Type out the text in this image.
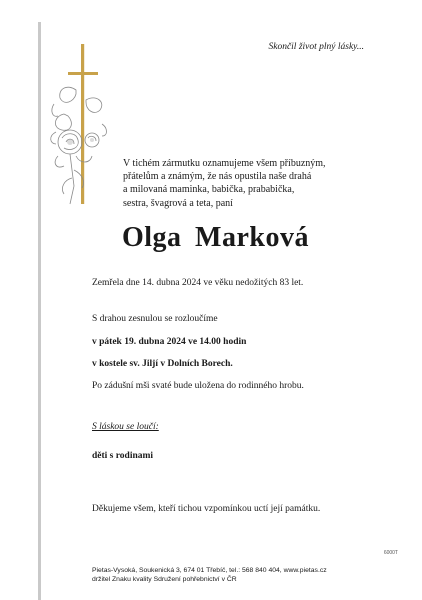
Skončil život plný lásky...
V tichém zármutku oznamujeme všem příbuzným,
přátelům a známým, že nás opustila naše drahá
a milovaná maminka, babička, prababička,
sestra, švagrová a teta, paní
Olga Marková
Zemřela dne 14. dubna 2024 ve věku nedožitých 83 let.
S drahou zesnulou se rozloučíme
v pátek 19. dubna 2024 ve 14.00 hodin
v kostele sv. Jiljí v Dolních Borech.
Po zádušní mši svaté bude uložena do rodinného hrobu.
S láskou se loučí:
děti s rodinami
Děkujeme všem, kteří tichou vzpomínkou uctí její památku.
6000T
Pietas-Vysoká, Soukenická 3, 674 01 Třebíč, tel.: 568 840 404, www.pietas.cz
držitel Znaku kvality Sdružení pohřebnictví v ČR
